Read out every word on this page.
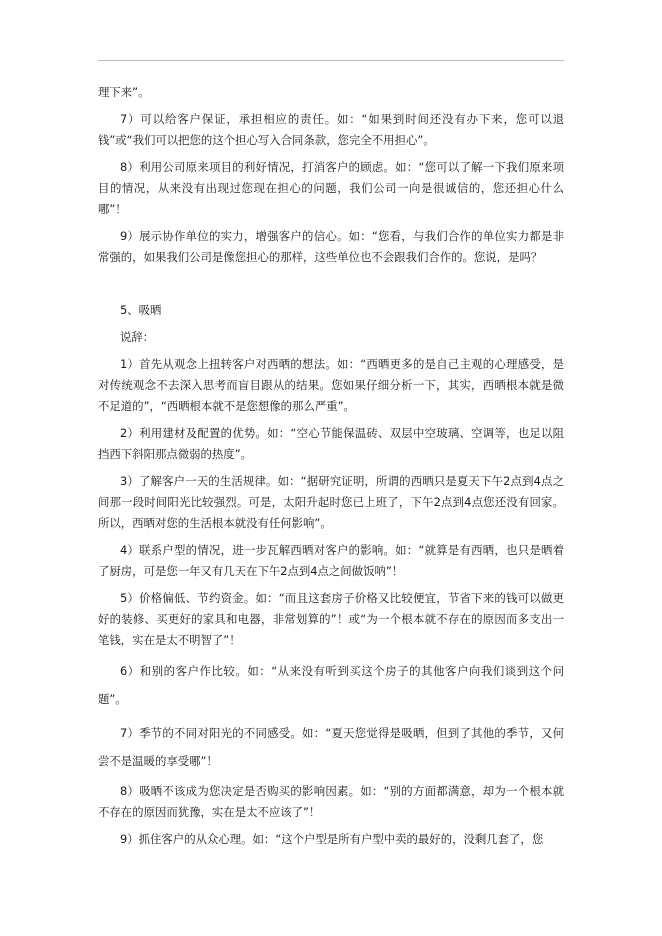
理下来”。

7）可以给客户保证，承担相应的责任。如：“如果到时间还没有办下来，您可以退钱”或“我们可以把您的这个担心写入合同条款，您完全不用担心”。

8）利用公司原来项目的利好情况，打消客户的顾虑。如：“您可以了解一下我们原来项目的情况，从来没有出现过您现在担心的问题，我们公司一向是很诚信的，您还担心什么哪”！

9）展示协作单位的实力，增强客户的信心。如：“您看，与我们合作的单位实力都是非常强的，如果我们公司是像您担心的那样，这些单位也不会跟我们合作的。您说，是吗？

5、吸晒

说辞：

1）首先从观念上扭转客户对西晒的想法。如：“西晒更多的是自己主观的心理感受，是对传统观念不去深入思考而盲目跟从的结果。您如果仔细分析一下，其实，西晒根本就是微不足道的”，“西晒根本就不是您想像的那么严重”。

2）利用建材及配置的优势。如：“空心节能保温砖、双层中空玻璃、空调等，也足以阻挡西下斜阳那点微弱的热度”。

3）了解客户一天的生活规律。如：“据研究证明，所谓的西晒只是夏天下午2点到4点之间那一段时间阳光比较强烈。可是，太阳升起时您已上班了，下午2点到4点您还没有回家。所以，西晒对您的生活根本就没有任何影响”。

4）联系户型的情况，进一步瓦解西晒对客户的影响。如：“就算是有西晒，也只是晒着了厨房，可是您一年又有几天在下午2点到4点之间做饭呐”！

5）价格偏低、节约资金。如：“而且这套房子价格又比较便宜，节省下来的钱可以做更好的装修、买更好的家具和电器，非常划算的”！或“为一个根本就不存在的原因而多支出一笔钱，实在是太不明智了”！

6）和别的客户作比较。如：“从来没有听到买这个房子的其他客户向我们谈到这个问题”。

7）季节的不同对阳光的不同感受。如：“夏天您觉得是吸晒，但到了其他的季节，又何尝不是温暖的享受哪”！

8）吸晒不该成为您决定是否购买的影响因素。如：“别的方面都满意，却为一个根本就不存在的原因而犹豫，实在是太不应该了”！

9）抓住客户的从众心理。如：“这个户型是所有户型中卖的最好的，没剩几套了，您
